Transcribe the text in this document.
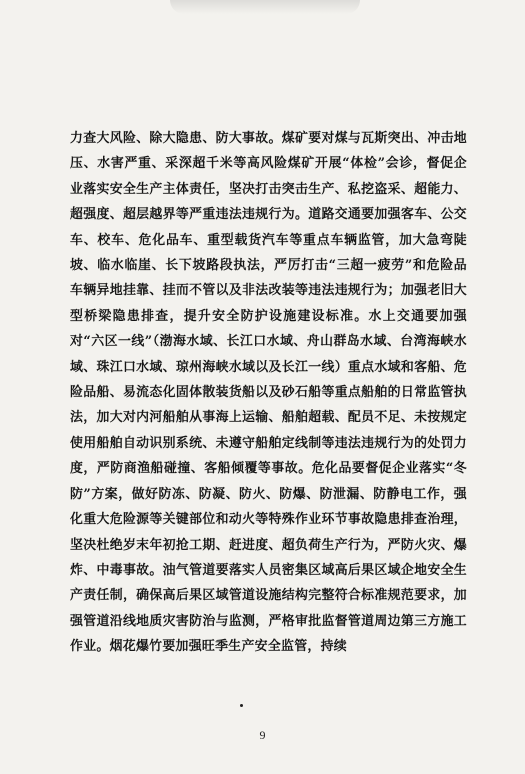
力查大风险、除大隐患、防大事故。煤矿要对煤与瓦斯突出、冲击地压、水害严重、采深超千米等高风险煤矿开展“体检”会诊，督促企业落实安全生产主体责任，坚决打击突击生产、私挖盗采、超能力、超强度、超层越界等严重违法违规行为。道路交通要加强客车、公交车、校车、危化品车、重型载货汽车等重点车辆监管，加大急弯陡坡、临水临崖、长下坡路段执法，严厉打击“三超一疲劳”和危险品车辆异地挂靠、挂而不管以及非法改装等违法违规行为；加强老旧大型桥梁隐患排查，提升安全防护设施建设标准。水上交通要加强对“六区一线”（渤海水域、长江口水域、舟山群岛水域、台湾海峡水域、珠江口水域、琼州海峡水域以及长江一线）重点水域和客船、危险品船、易流态化固体散装货船以及砂石船等重点船舶的日常监管执法，加大对内河船舶从事海上运输、船舶超载、配员不足、未按规定使用船舶自动识别系统、未遵守船舶定线制等违法违规行为的处罚力度，严防商渔船碰撞、客船倾覆等事故。危化品要督促企业落实“冬防”方案，做好防冻、防凝、防火、防爆、防泄漏、防静电工作，强化重大危险源等关键部位和动火等特殊作业环节事故隐患排查治理，坚决杜绝岁末年初抢工期、赶进度、超负荷生产行为，严防火灾、爆炸、中毒事故。油气管道要落实人员密集区域高后果区域企地安全生产责任制，确保高后果区域管道设施结构完整符合标准规范要求，加强管道沿线地质灾害防治与监测，严格审批监督管道周边第三方施工作业。烟花爆竹要加强旺季生产安全监管，持续
9
